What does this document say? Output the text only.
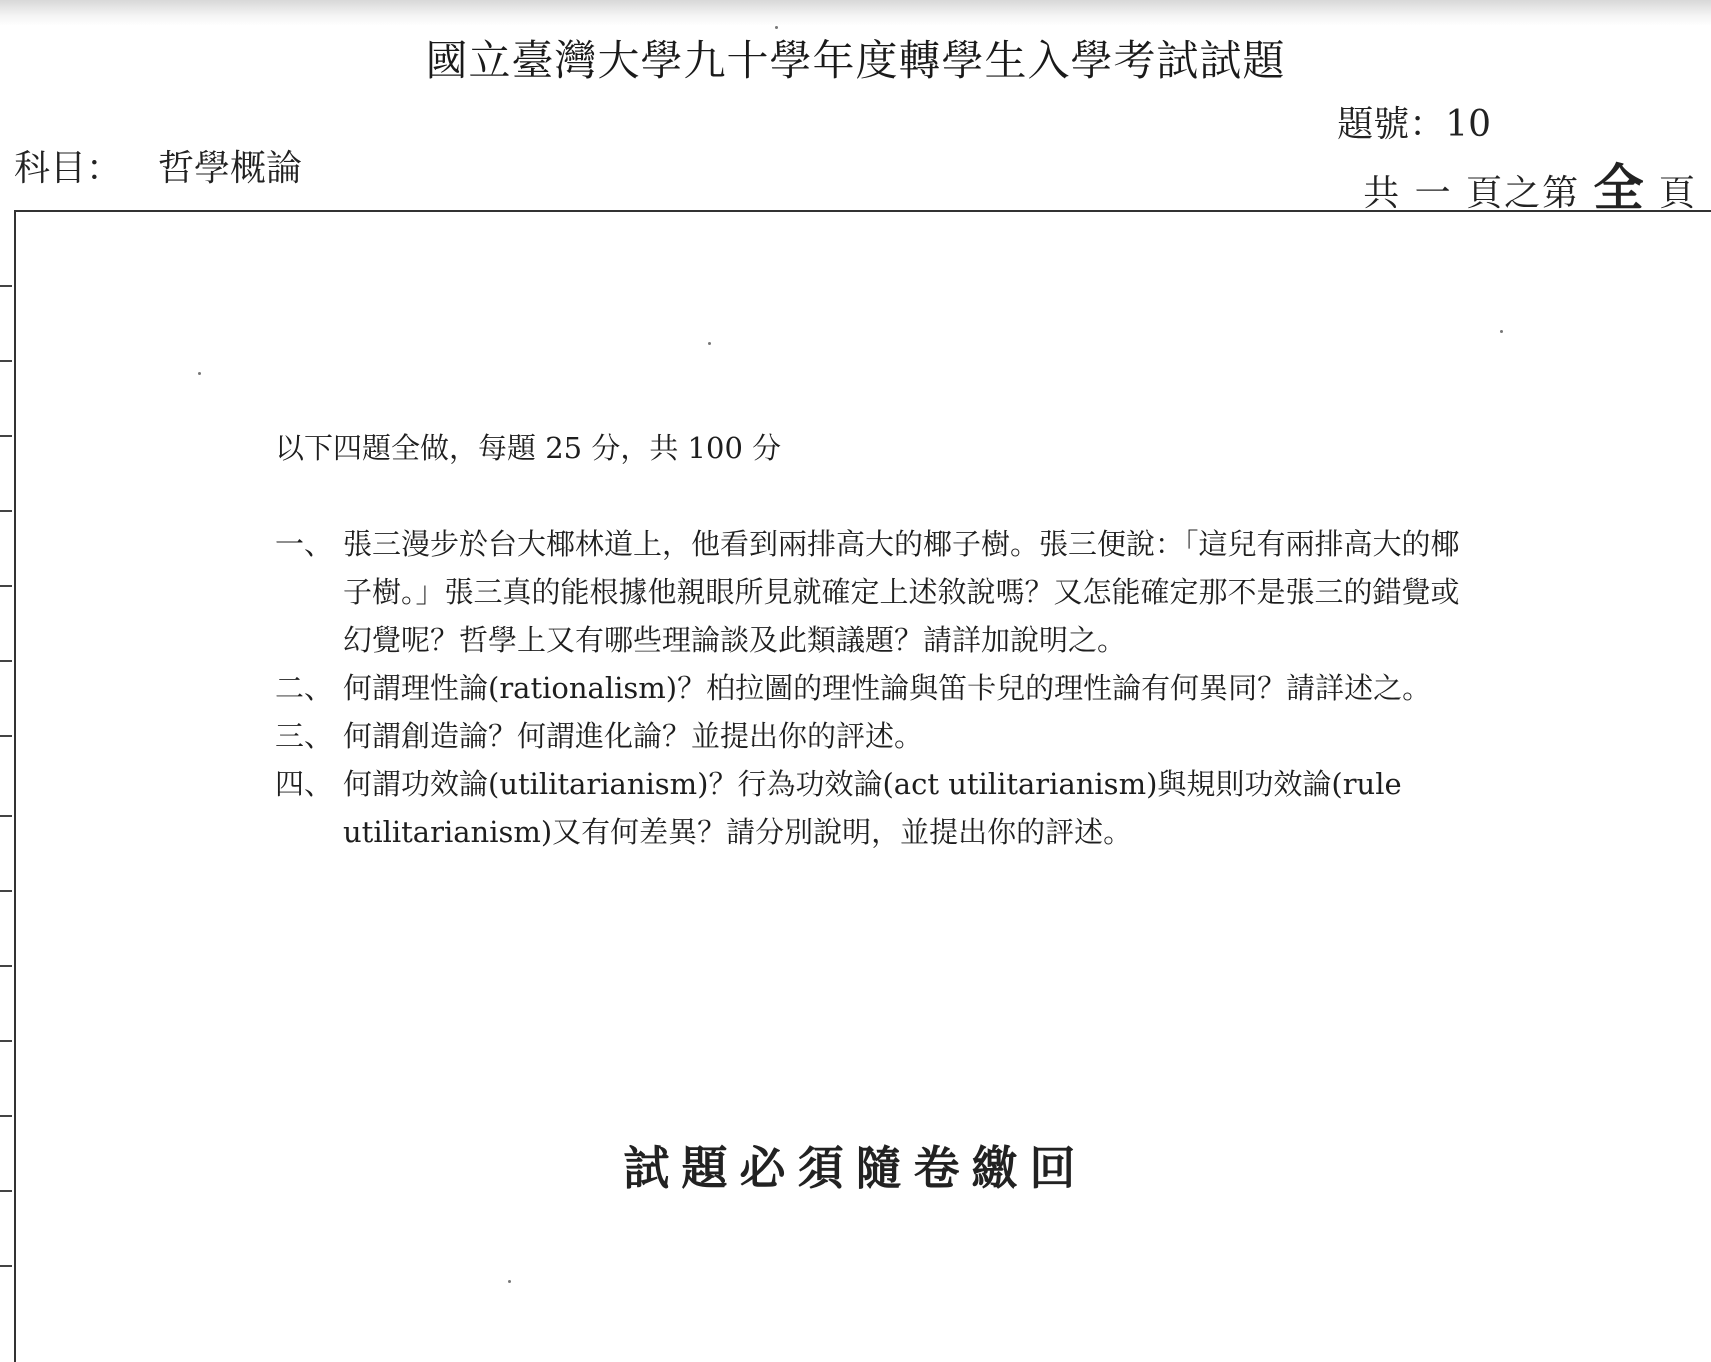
國立臺灣大學九十學年度轉學生入學考試試題
科目： 哲學概論
題號：10
共 一 頁之第 全 頁

以下四題全做，每題 25 分，共 100 分

一、 張三漫步於台大椰林道上，他看到兩排高大的椰子樹。張三便說：「這兒有兩排高大的椰子樹。」張三真的能根據他親眼所見就確定上述敘說嗎？又怎能確定那不是張三的錯覺或幻覺呢？哲學上又有哪些理論談及此類議題？請詳加說明之。
二、 何謂理性論(rationalism)？柏拉圖的理性論與笛卡兒的理性論有何異同？請詳述之。
三、 何謂創造論？何謂進化論？並提出你的評述。
四、 何謂功效論(utilitarianism)？行為功效論(act utilitarianism)與規則功效論(rule utilitarianism)又有何差異？請分別說明，並提出你的評述。
試題必須隨卷繳回
